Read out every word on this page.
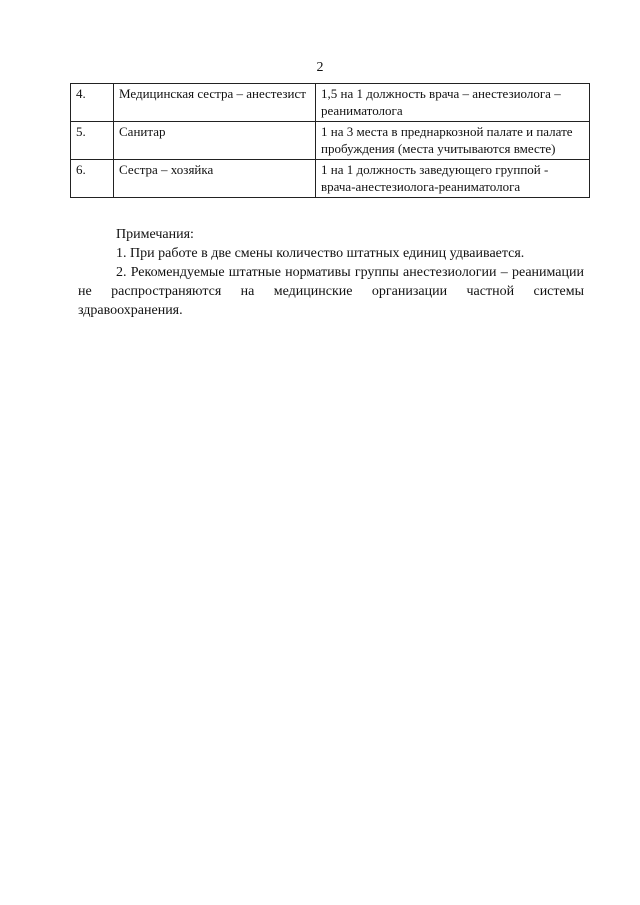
2
4.	Медицинская сестра – анестезист	1,5 на 1 должность врача – анестезиолога – реаниматолога
5.	Санитар	1 на 3 места в преднаркозной палате и палате пробуждения (места учитываются вместе)
6.	Сестра – хозяйка	1 на 1 должность заведующего группой - врача-анестезиолога-реаниматолога
Примечания:
1. При работе в две смены количество штатных единиц удваивается.
2. Рекомендуемые штатные нормативы группы анестезиологии – реанимации не распространяются на медицинские организации частной системы здравоохранения.
